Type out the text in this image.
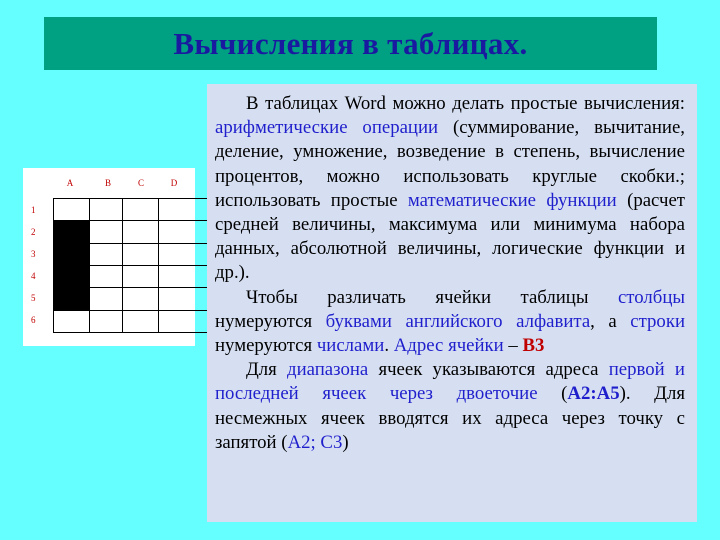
Вычисления в таблицах.
A	B	C	D
1
2
3
4
5
6

В таблицах Word можно делать простые вычисления: арифметические операции (суммирование, вычитание, деление, умножение, возведение в степень, вычисление процентов, можно использовать круглые скобки.; использовать простые математические функции (расчет средней величины, максимума или минимума набора данных, абсолютной величины, логические функции и др.).

Чтобы различать ячейки таблицы столбцы нумеруются буквами английского алфавита, а строки нумеруются числами. Адрес ячейки – В3

Для диапазона ячеек указываются адреса первой и последней ячеек через двоеточие (А2:А5). Для несмежных ячеек вводятся их адреса через точку с запятой (А2; С3)
